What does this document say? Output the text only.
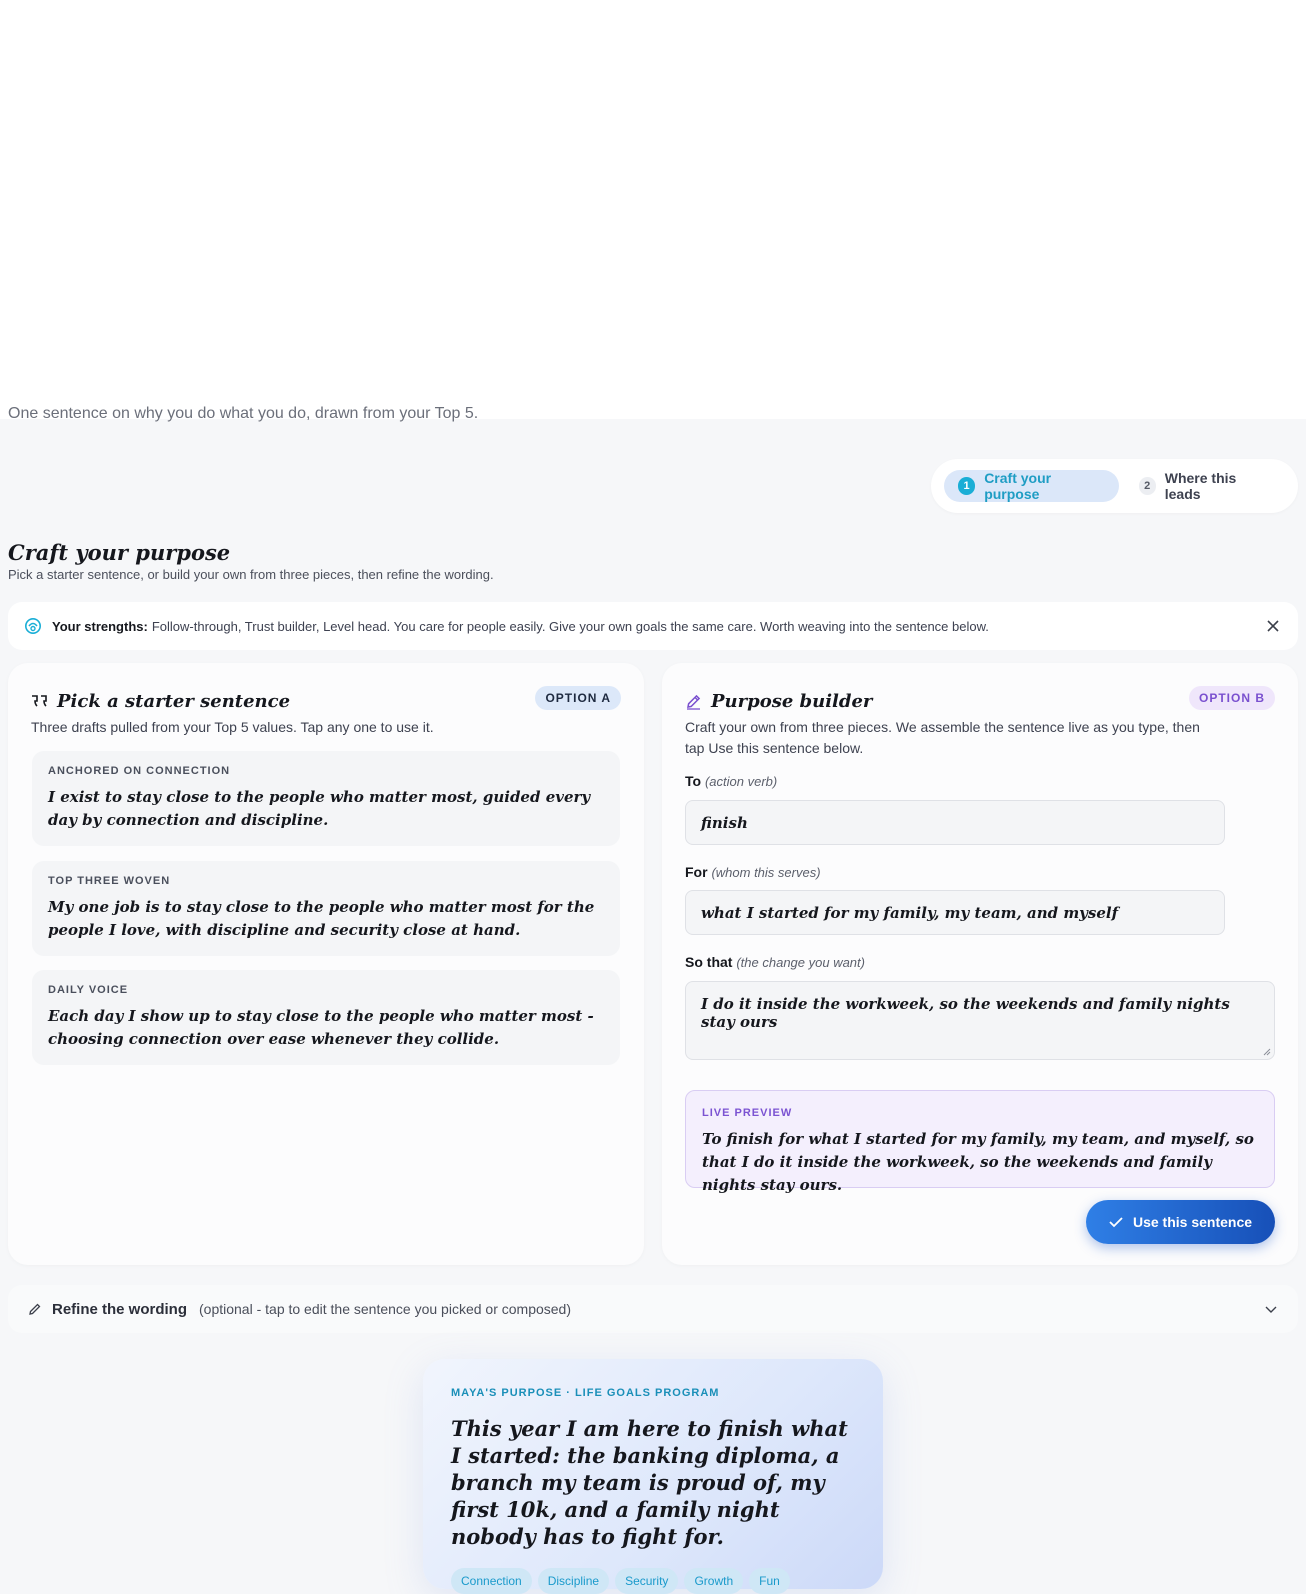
One sentence on why you do what you do, drawn from your Top 5.
1	Craft your purpose	2	Where this leads
Craft your purpose
Pick a starter sentence, or build your own from three pieces, then refine the wording.
Your strengths: Follow-through, Trust builder, Level head. You care for people easily. Give your own goals the same care. Worth weaving into the sentence below.
Pick a starter sentence	OPTION A
Three drafts pulled from your Top 5 values. Tap any one to use it.
ANCHORED ON CONNECTION
I exist to stay close to the people who matter most, guided every day by connection and discipline.
TOP THREE WOVEN
My one job is to stay close to the people who matter most for the people I love, with discipline and security close at hand.
DAILY VOICE
Each day I show up to stay close to the people who matter most - choosing connection over ease whenever they collide.
Purpose builder	OPTION B
Craft your own from three pieces. We assemble the sentence live as you type, then tap Use this sentence below.
To (action verb)
finish
For (whom this serves)
what I started for my family, my team, and myself
So that (the change you want)
I do it inside the workweek, so the weekends and family nights stay ours
LIVE PREVIEW
To finish for what I started for my family, my team, and myself, so that I do it inside the workweek, so the weekends and family nights stay ours.
Use this sentence
Refine the wording (optional - tap to edit the sentence you picked or composed)
MAYA'S PURPOSE · LIFE GOALS PROGRAM
This year I am here to finish what I started: the banking diploma, a branch my team is proud of, my first 10k, and a family night nobody has to fight for.
Connection	Discipline	Security	Growth	Fun
